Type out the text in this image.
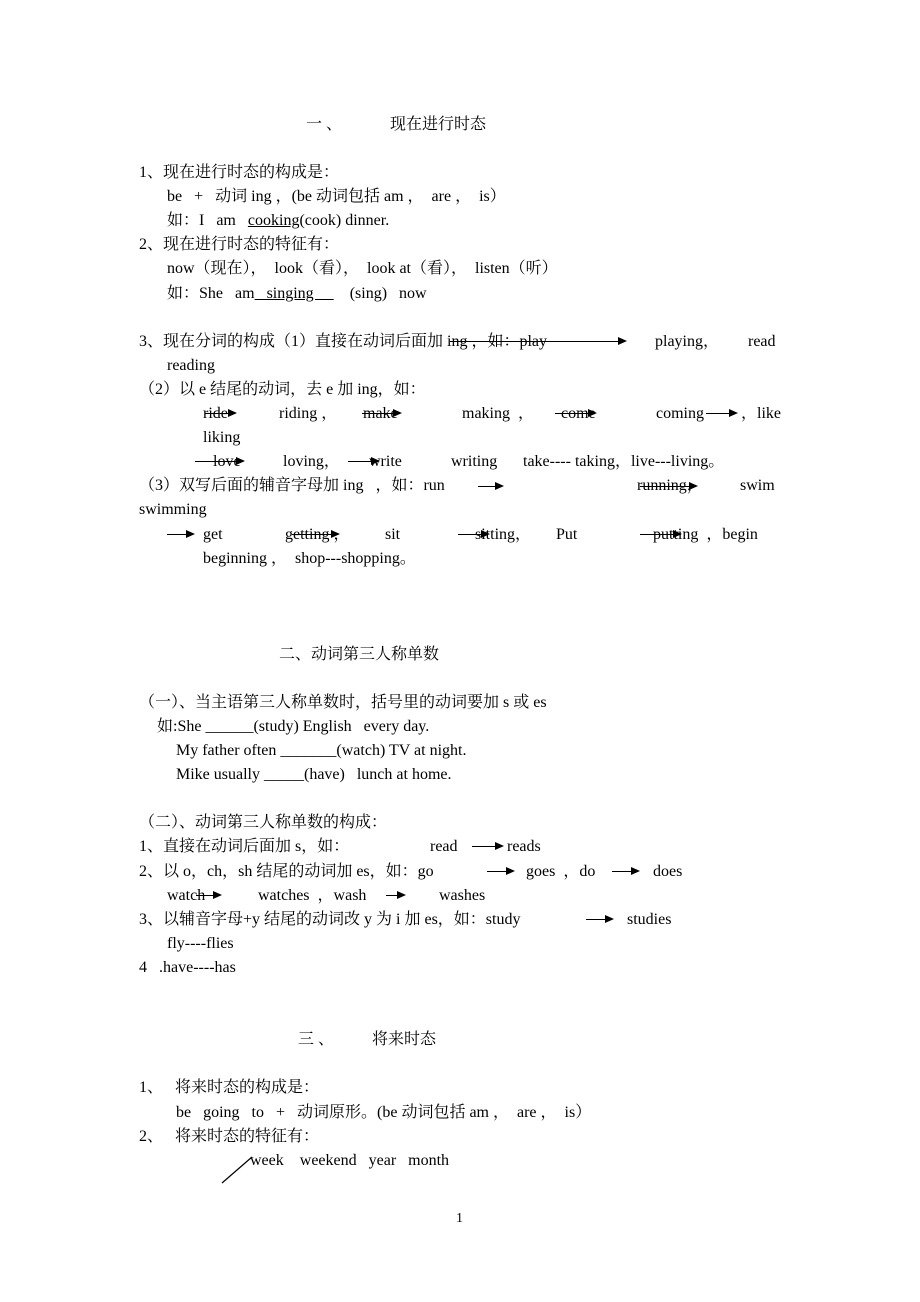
一 、	现在进行时态
1、现在进行时态的构成是：
be   +   动词 ing ，(be 动词包括 am ，  are ，  is）
如：I   am   cooking(cook) dinner.
2、现在进行时态的特征有：
now（现在），  look（看），  look at（看），  listen（听）
如：She   am   singing         (sing)   now
3、现在分词的构成（1）直接在动词后面加 ing ，如：play	playing， read
reading
（2）以 e 结尾的动词，去 e 加 ing，如：
ride	riding ， make	making  ， come	coming ，like
liking
love	loving， write	writing take---- taking，live---living。
（3）双写后面的辅音字母加 ing   ，如：run	running， swim
swimming
get	getting ， sit	sitting， Put	putting  ，begin
beginning ，  shop---shopping。
二、动词第三人称单数
（一）、当主语第三人称单数时，括号里的动词要加 s 或 es
如:She ______(study) English   every day.
My father often _______(watch) TV at night.
Mike usually _____(have)   lunch at home.
（二）、动词第三人称单数的构成：
1、直接在动词后面加 s，如：	read	reads
2、以 o，ch，sh 结尾的动词加 es，如：go	goes  ，do	does
watch	watches  ，wash	washes
3、以辅音字母+y 结尾的动词改 y 为 i 加 es，如：study	studies
fly----flies
4   .have----has
三 、 将来时态
1、   将来时态的构成是：
be   going   to   +   动词原形。(be 动词包括 am ，  are ，  is）
2、   将来时态的特征有：
week    weekend   year   month
1
